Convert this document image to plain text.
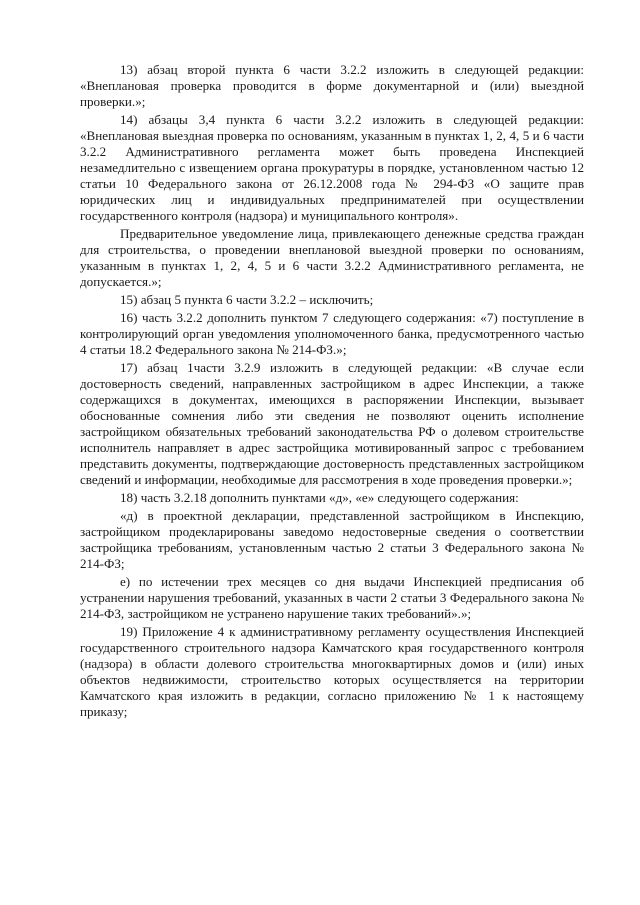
13) абзац второй пункта 6 части 3.2.2 изложить в следующей редакции: «Внеплановая проверка проводится в форме документарной и (или) выездной проверки.»;

14) абзацы 3,4 пункта 6 части 3.2.2 изложить в следующей редакции: «Внеплановая выездная проверка по основаниям, указанным в пунктах 1, 2, 4, 5 и 6 части 3.2.2 Административного регламента может быть проведена Инспекцией незамедлительно с извещением органа прокуратуры в порядке, установленном частью 12 статьи 10 Федерального закона от 26.12.2008 года № 294-ФЗ «О защите прав юридических лиц и индивидуальных предпринимателей при осуществлении государственного контроля (надзора) и муниципального контроля».

Предварительное уведомление лица, привлекающего денежные средства граждан для строительства, о проведении внеплановой выездной проверки по основаниям, указанным в пунктах 1, 2, 4, 5 и 6 части 3.2.2 Административного регламента, не допускается.»;

15) абзац 5 пункта 6 части 3.2.2 – исключить;

16) часть 3.2.2 дополнить пунктом 7 следующего содержания: «7) поступление в контролирующий орган уведомления уполномоченного банка, предусмотренного частью 4 статьи 18.2 Федерального закона № 214-ФЗ.»;

17) абзац 1части 3.2.9 изложить в следующей редакции: «В случае если достоверность сведений, направленных застройщиком в адрес Инспекции, а также содержащихся в документах, имеющихся в распоряжении Инспекции, вызывает обоснованные сомнения либо эти сведения не позволяют оценить исполнение застройщиком обязательных требований законодательства РФ о долевом строительстве исполнитель направляет в адрес застройщика мотивированный запрос с требованием представить документы, подтверждающие достоверность представленных застройщиком сведений и информации, необходимые для рассмотрения в ходе проведения проверки.»;

18) часть 3.2.18 дополнить пунктами «д», «е» следующего содержания:

«д) в проектной декларации, представленной застройщиком в Инспекцию, застройщиком продекларированы заведомо недостоверные сведения о соответствии застройщика требованиям, установленным частью 2 статьи 3 Федерального закона № 214-ФЗ;

е) по истечении трех месяцев со дня выдачи Инспекцией предписания об устранении нарушения требований, указанных в части 2 статьи 3 Федерального закона № 214-ФЗ, застройщиком не устранено нарушение таких требований».»;

19) Приложение 4 к административному регламенту осуществления Инспекцией государственного строительного надзора Камчатского края государственного контроля (надзора) в области долевого строительства многоквартирных домов и (или) иных объектов недвижимости, строительство которых осуществляется на территории Камчатского края изложить в редакции, согласно приложению № 1 к настоящему приказу;
